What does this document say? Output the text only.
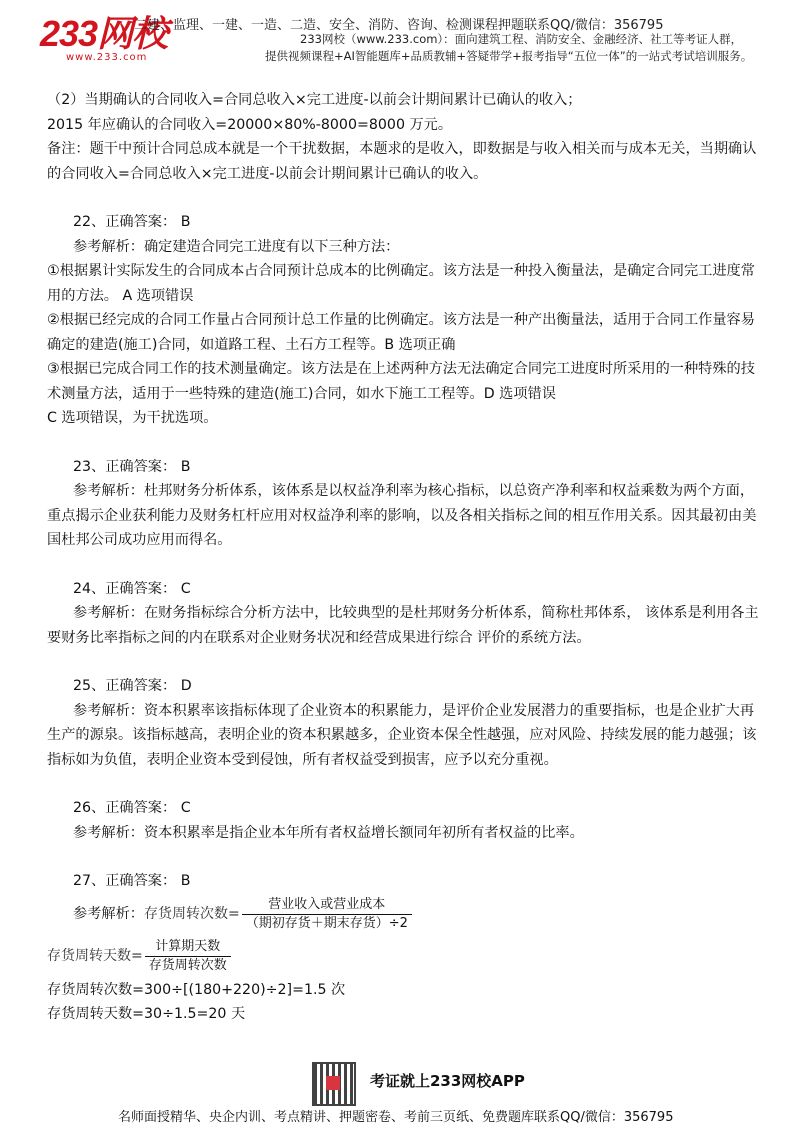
233网校
www.233.com
二建、监理、一建、一造、二造、安全、消防、咨询、检测课程押题联系QQ/微信：356795
233网校（www.233.com）：面向建筑工程、消防安全、金融经济、社工等考证人群，
提供视频课程+AI智能题库+品质教辅+答疑带学+报考指导“五位一体”的一站式考试培训服务。

（2）当期确认的合同收入=合同总收入×完工进度-以前会计期间累计已确认的收入；

2015 年应确认的合同收入=20000×80%-8000=8000 万元。

备注：题干中预计合同总成本就是一个干扰数据，本题求的是收入，即数据是与收入相关而与成本无关，当期确认的合同收入=合同总收入×完工进度-以前会计期间累计已确认的收入。

22、正确答案： B

参考解析：确定建造合同完工进度有以下三种方法：

①根据累计实际发生的合同成本占合同预计总成本的比例确定。该方法是一种投入衡量法，是确定合同完工进度常用的方法。 A 选项错误

②根据已经完成的合同工作量占合同预计总工作量的比例确定。该方法是一种产出衡量法，适用于合同工作量容易确定的建造(施工)合同，如道路工程、土石方工程等。B 选项正确

③根据已完成合同工作的技术测量确定。该方法是在上述两种方法无法确定合同完工进度时所采用的一种特殊的技术测量方法，适用于一些特殊的建造(施工)合同，如水下施工工程等。D 选项错误

C 选项错误，为干扰选项。

23、正确答案： B

参考解析：杜邦财务分析体系，该体系是以权益净利率为核心指标，以总资产净利率和权益乘数为两个方面，重点揭示企业获利能力及财务杠杆应用对权益净利率的影响，以及各相关指标之间的相互作用关系。因其最初由美国杜邦公司成功应用而得名。

24、正确答案： C

参考解析：在财务指标综合分析方法中，比较典型的是杜邦财务分析体系，简称杜邦体系， 该体系是利用各主要财务比率指标之间的内在联系对企业财务状况和经营成果进行综合 评价的系统方法。

25、正确答案： D

参考解析：资本积累率该指标体现了企业资本的积累能力，是评价企业发展潜力的重要指标，也是企业扩大再生产的源泉。该指标越高，表明企业的资本积累越多，企业资本保全性越强，应对风险、持续发展的能力越强；该指标如为负值，表明企业资本受到侵蚀，所有者权益受到损害，应予以充分重视。

26、正确答案： C

参考解析：资本积累率是指企业本年所有者权益增长额同年初所有者权益的比率。

27、正确答案： B

参考解析： 存货周转次数= $\frac{\text{营业收入或营业成本}}{\text{（期初存货＋期末存货）÷2}}$
存货周转天数= $\frac{\text{计算期天数}}{\text{存货周转次数}}$

存货周转次数=300÷[(180+220)÷2]=1.5 次

存货周转天数=30÷1.5=20 天

考证就上233网校APP
名师面授精华、央企内训、考点精讲、押题密卷、考前三页纸、免费题库联系QQ/微信：356795
